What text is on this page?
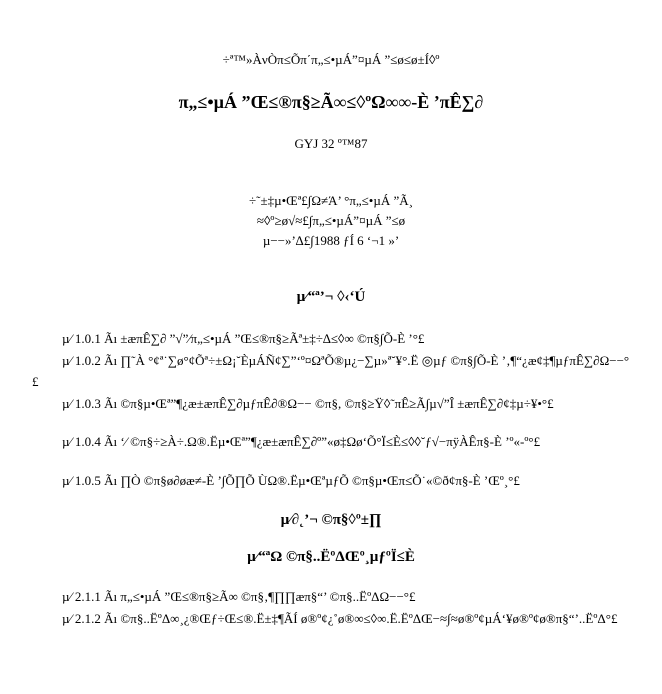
÷ª™»ÀνÒπ≤Õπ΄π„≤•µÁ”¤µÁ ”≤ø≤ø±Í◊º
π„≤•µÁ ”Œ≤®π§≥Ã∞≤◊ºΩ∞∞-È ’πÊ∑∂
GYJ 32 º™87
÷˜±‡µ•Œª£∫Ω≠Ά’ °π„≤•µÁ ”Ã¸
≈◊º≥ø√≈£∫π„≤•µÁ”¤µÁ ”≤ø
µ−−»’∆£∫1988 ƒÍ 6 ‘¬1 »’
µ⁄“ª’¬ ◊‹‘Ú
µ⁄ 1.0.1 Ãı ±æπÊ∑∂ ”√”⁄π„≤•µÁ ”Œ≤®π§≥Ãª±‡÷∆≤◊∞ ©π§∫Õ-È ’°£
µ⁄ 1.0.2 Ãı ∏˜À °¢ª˙∑ø°¢Õª÷±Ω¡˘ÈµÁÑ¢∑”‘º¤ΩªÕ®µ¿−∑µ»ª˘¥°.Ë ◎µƒ ©π§∫Õ-È ’‚¶“¿æ¢‡¶µƒπÊ∑∂Ω−−°£
µ⁄ 1.0.3 Ãı ©π§µ•Œª”¶¿æ±æπÊ∑∂µƒπÊ∂®Ω−− ©π§, ©π§≥Ÿ◊˜πÊ≥Ã∫µ√”Î ±æπÊ∑∂¢‡µ÷¥•°£
µ⁄ 1.0.4 Ãı ‘⁄ ©π§÷≥À÷.Ω®.Ëµ•Œª”¶¿æ±æπÊ∑∂º”«ø‡Ωø‘Õ°Ï≤È≤◊◊˘ƒ√−πÿÀÊπ§-È ’º«-º°£
µ⁄ 1.0.5 Ãı ∏Ò ©π§ø∂øæ≠-È ’∫Õ∏Õ ÙΩ®.Ëµ•ŒªµƒÕ ©π§µ•Œπ≤Õ˙«©ð¢π§-È ’Œº¸°£
µ⁄∂˛’¬ ©π§◊º±∏
µ⁄“ªΩ ©π§..ËºΔŒº¸µƒºÏ≤È
µ⁄ 2.1.1 Ãı π„≤•µÁ ”Œ≤®π§≥Ã∞ ©π§‚¶∏∏æπ§“’ ©π§..ËºΔΩ−−°£
µ⁄ 2.1.2 Ãı ©π§..ËºΔ∞¸¿®Œƒ÷Œ≤®.Ë±‡¶ÃÍ ø®º¢¿˚ø®∞≤◊∞.Ë.ËºΔŒ−≈∫≈ø®º¢µÁ‘¥ø®º¢ø®π§“’..ËºΔ°£
